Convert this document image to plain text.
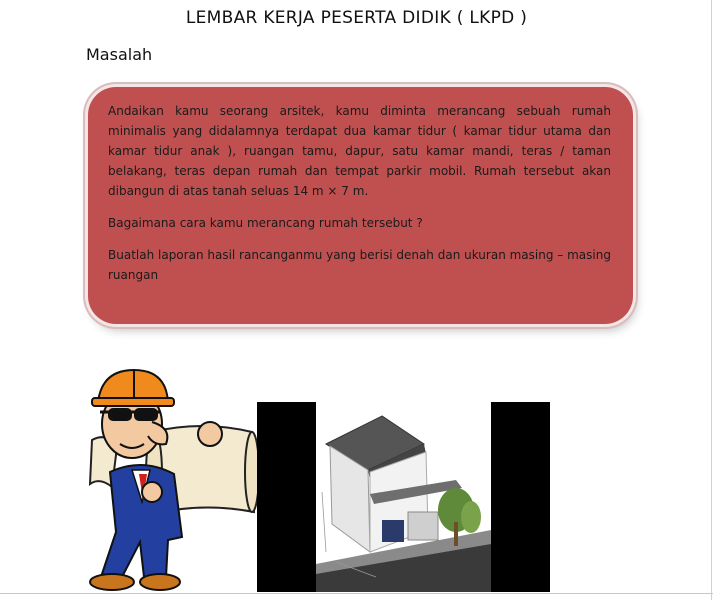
LEMBAR KERJA PESERTA DIDIK ( LKPD )
Masalah

Andaikan kamu seorang arsitek, kamu diminta merancang sebuah rumah minimalis yang didalamnya terdapat dua kamar tidur ( kamar tidur utama dan kamar tidur anak ), ruangan tamu, dapur, satu kamar mandi, teras / taman belakang, teras depan rumah dan tempat parkir mobil. Rumah tersebut akan dibangun di atas tanah seluas 14 m × 7 m.

Bagaimana cara kamu merancang rumah tersebut ?

Buatlah laporan hasil rancanganmu yang berisi denah dan ukuran masing – masing ruangan
